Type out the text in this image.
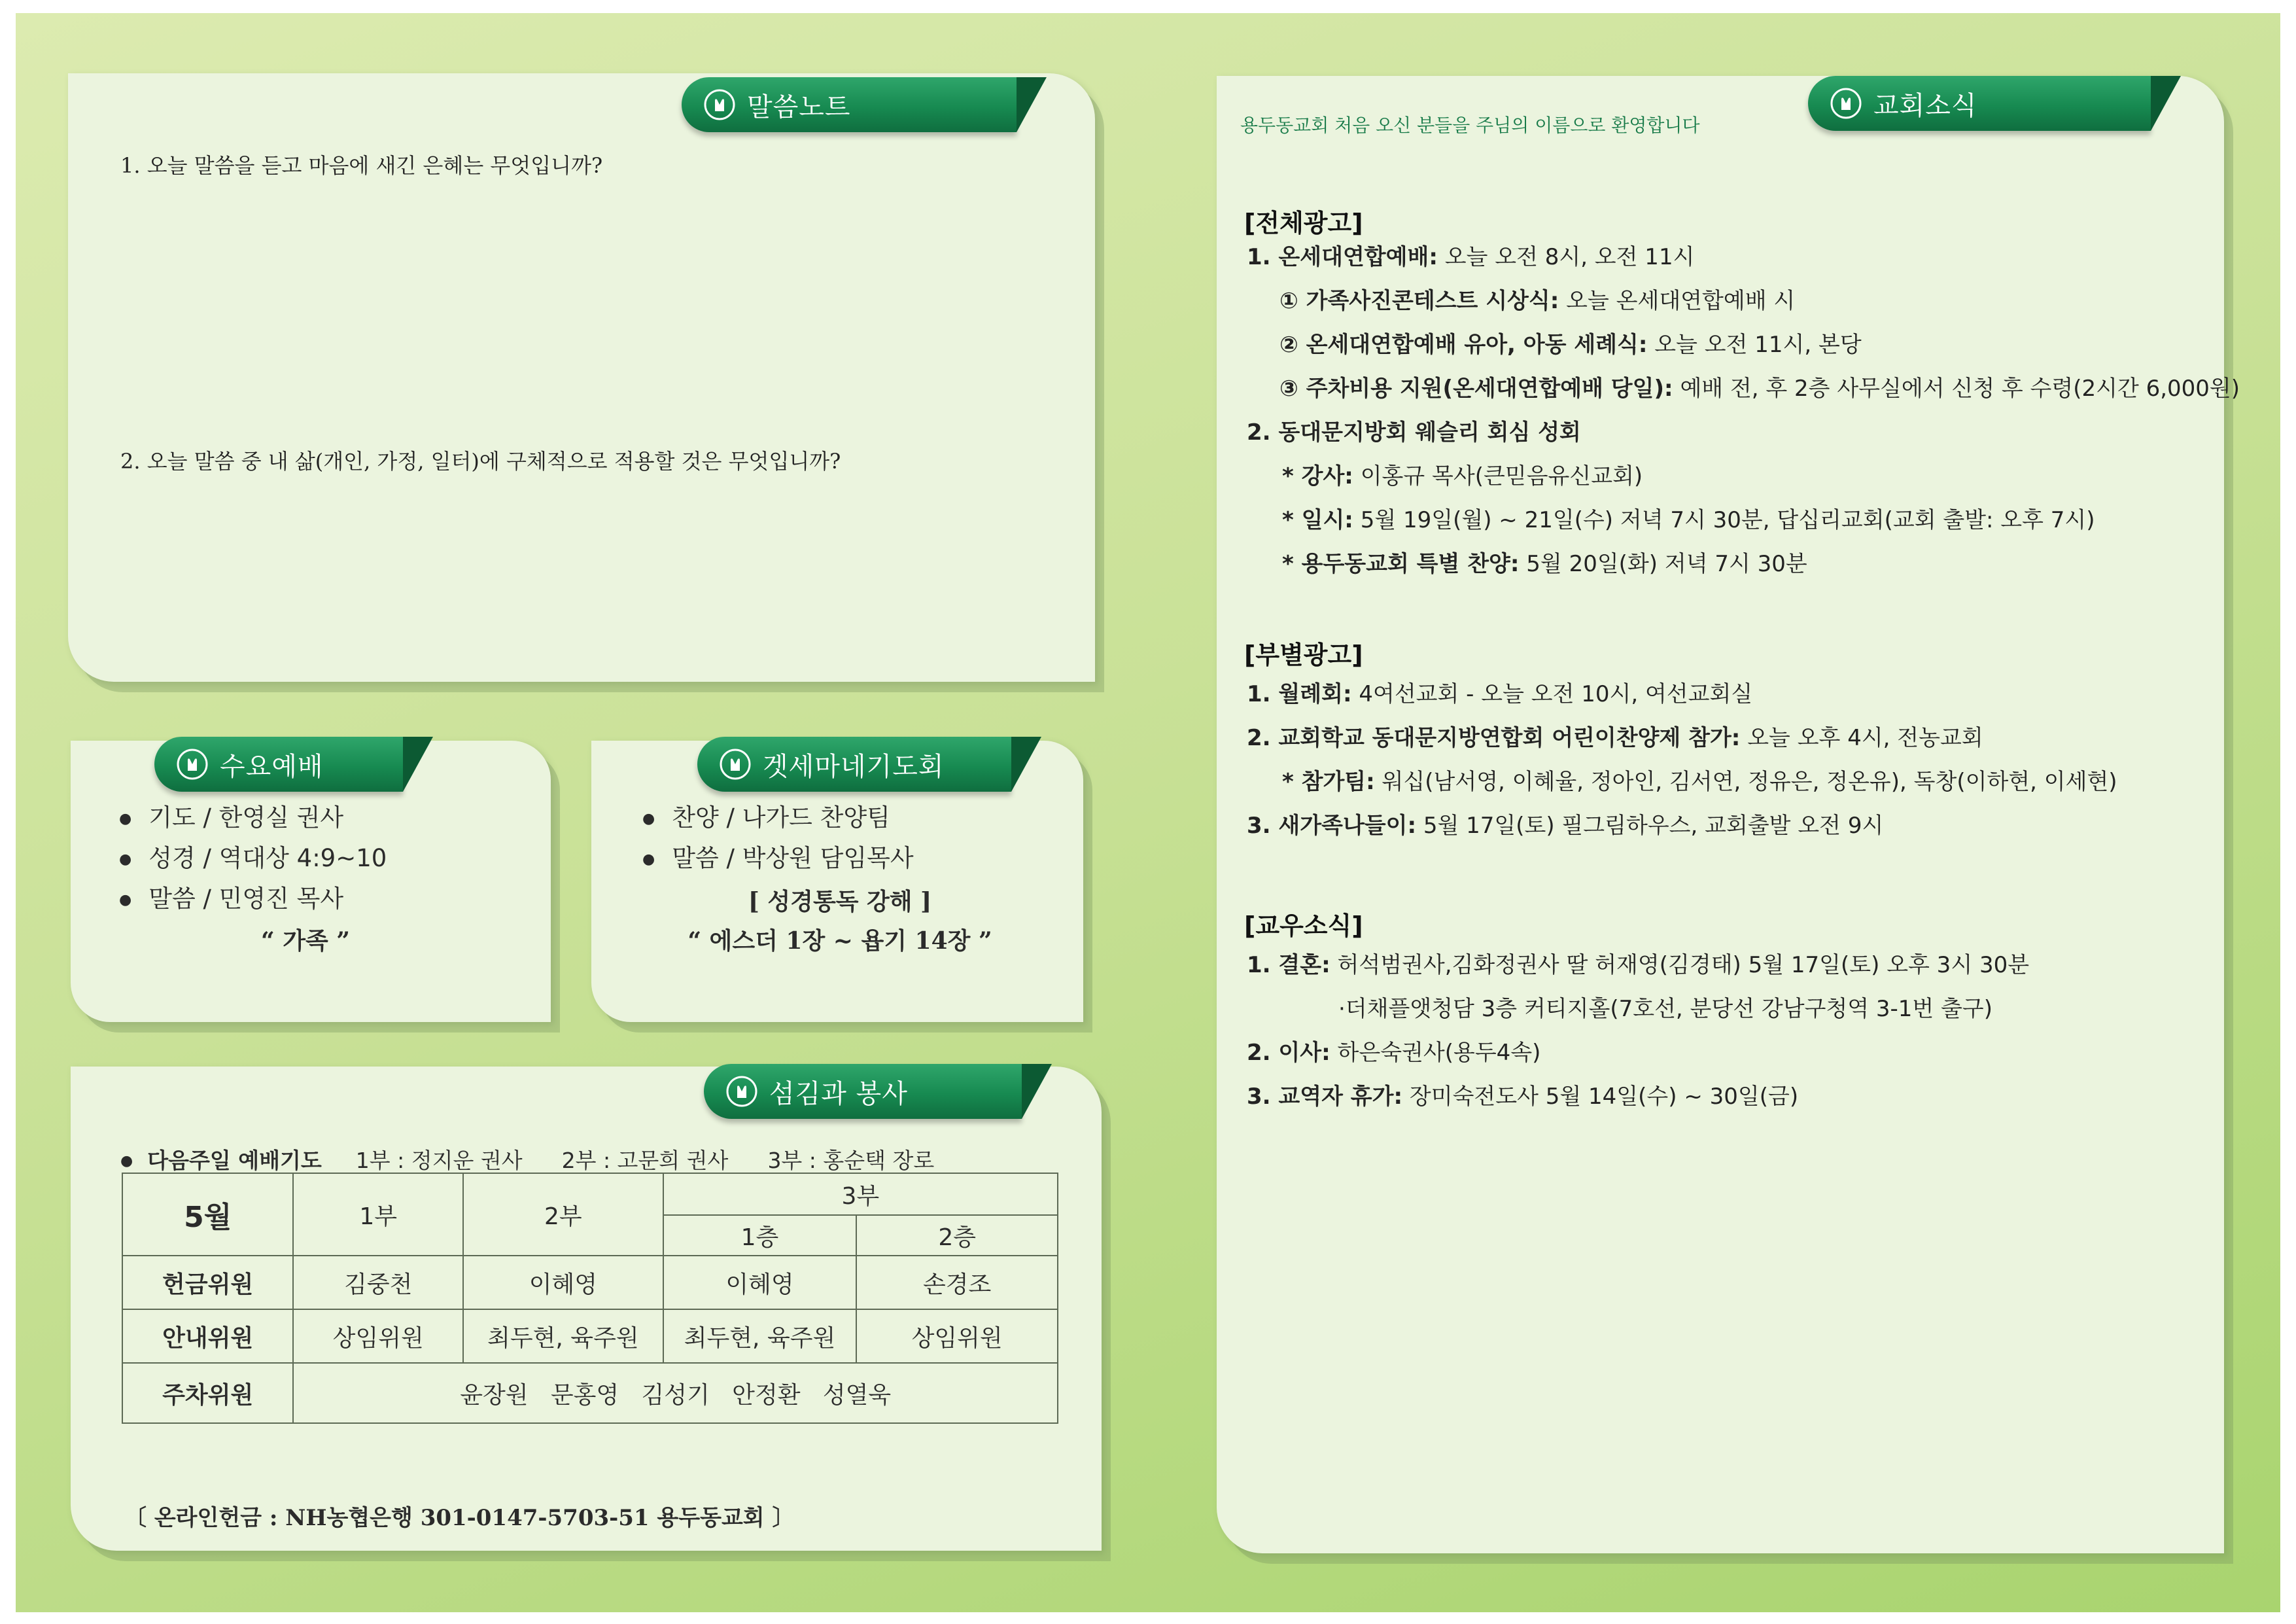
말씀노트
1. 오늘 말씀을 듣고 마음에 새긴 은혜는 무엇입니까?
2. 오늘 말씀 중 내 삶(개인, 가정, 일터)에 구체적으로 적용할 것은 무엇입니까?
수요예배
● 기도 / 한영실 권사
● 성경 / 역대상 4:9~10
● 말씀 / 민영진 목사
“ 가족 ”
겟세마네기도회
● 찬양 / 나가드 찬양팀
● 말씀 / 박상원 담임목사
[ 성경통독 강해 ]
“ 에스더 1장 ~ 욥기 14장 ”
섬김과 봉사
● 다음주일 예배기도 1부 : 정지운 권사 2부 : 고문희 권사 3부 : 홍순택 장로
5월	1부	2부	3부	
			1층	2층
헌금위원	김중천	이혜영	이혜영	손경조
안내위원	상임위원	최두현, 육주원	최두현, 육주원	상임위원
주차위원	윤장원   문홍영   김성기   안정환   성열욱			
〔 온라인헌금 : NH농협은행 301-0147-5703-51 용두동교회 〕
교회소식
용두동교회 처음 오신 분들을 주님의 이름으로 환영합니다
[전체광고]
1. 온세대연합예배: 오늘 오전 8시, 오전 11시
① 가족사진콘테스트 시상식: 오늘 온세대연합예배 시
② 온세대연합예배 유아, 아동 세례식: 오늘 오전 11시, 본당
③ 주차비용 지원(온세대연합예배 당일): 예배 전, 후 2층 사무실에서 신청 후 수령(2시간 6,000원)
2. 동대문지방회 웨슬리 회심 성회
* 강사: 이홍규 목사(큰믿음유신교회)
* 일시: 5월 19일(월) ~ 21일(수) 저녁 7시 30분, 답십리교회(교회 출발: 오후 7시)
* 용두동교회 특별 찬양: 5월 20일(화) 저녁 7시 30분
[부별광고]
1. 월례회: 4여선교회 - 오늘 오전 10시, 여선교회실
2. 교회학교 동대문지방연합회 어린이찬양제 참가: 오늘 오후 4시, 전농교회
* 참가팀: 워십(남서영, 이혜율, 정아인, 김서연, 정유은, 정온유), 독창(이하현, 이세현)
3. 새가족나들이: 5월 17일(토) 필그림하우스, 교회출발 오전 9시
[교우소식]
1. 결혼: 허석범권사,김화정권사 딸 허재영(김경태) 5월 17일(토) 오후 3시 30분
·더채플앳청담 3층 커티지홀(7호선, 분당선 강남구청역 3-1번 출구)
2. 이사: 하은숙권사(용두4속)
3. 교역자 휴가: 장미숙전도사 5월 14일(수) ~ 30일(금)
